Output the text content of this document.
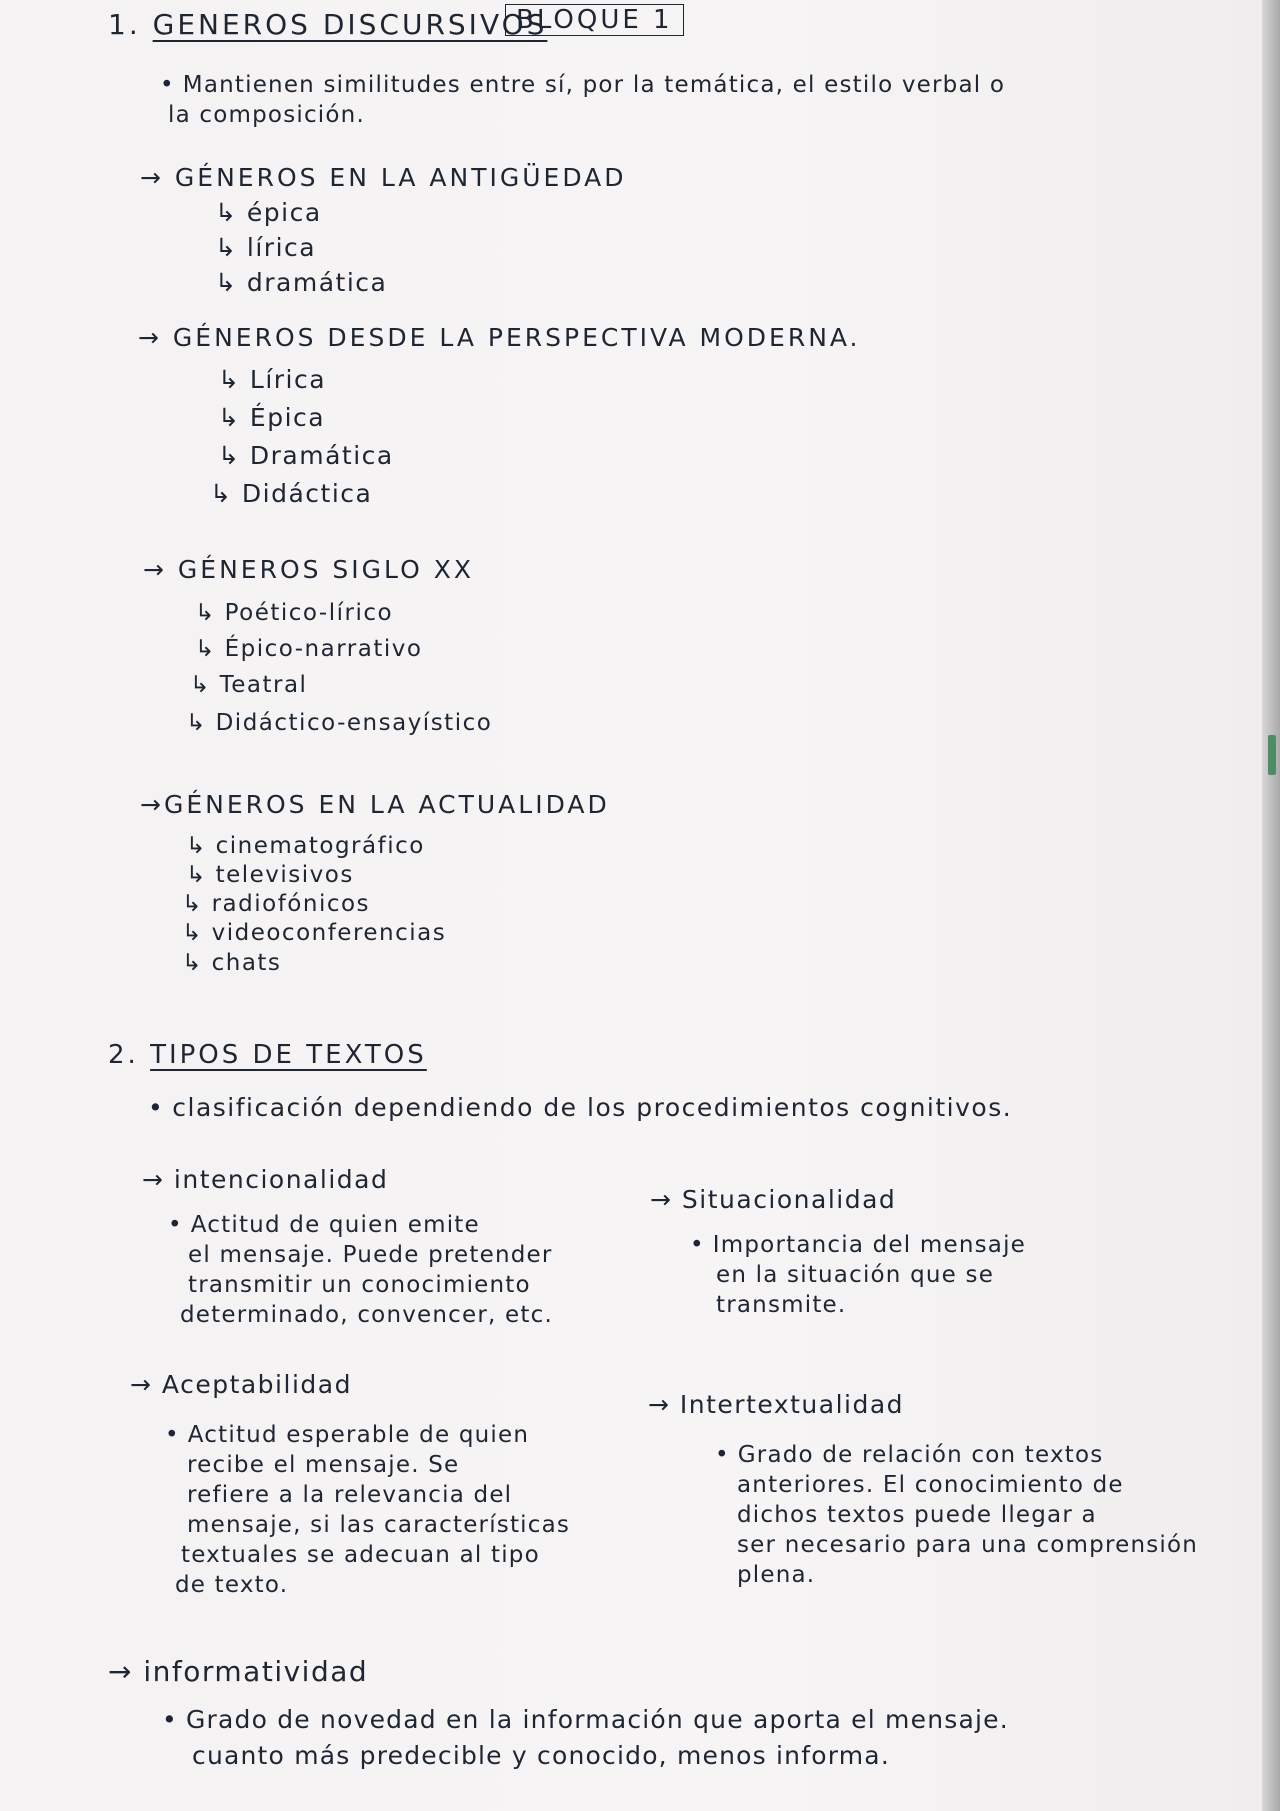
1. GENEROS DISCURSIVOS
BLOQUE 1
• Mantienen similitudes entre sí, por la temática, el estilo verbal o
la composición.
→ GÉNEROS EN LA ANTIGÜEDAD
↳ épica
↳ lírica
↳ dramática
→ GÉNEROS DESDE LA PERSPECTIVA MODERNA.
↳ Lírica
↳ Épica
↳ Dramática
↳ Didáctica
→ GÉNEROS SIGLO XX
↳ Poético-lírico
↳ Épico-narrativo
↳ Teatral
↳ Didáctico-ensayístico
→GÉNEROS EN LA ACTUALIDAD
↳ cinematográfico
↳ televisivos
↳ radiofónicos
↳ videoconferencias
↳ chats
2. TIPOS DE TEXTOS
• clasificación dependiendo de los procedimientos cognitivos.
→ intencionalidad
• Actitud de quien emite
el mensaje. Puede pretender
transmitir un conocimiento
determinado, convencer, etc.
→ Situacionalidad
• Importancia del mensaje
en la situación que se
transmite.
→ Aceptabilidad
• Actitud esperable de quien
recibe el mensaje. Se
refiere a la relevancia del
mensaje, si las características
textuales se adecuan al tipo
de texto.
→ Intertextualidad
• Grado de relación con textos
anteriores. El conocimiento de
dichos textos puede llegar a
ser necesario para una comprensión
plena.
→ informatividad
• Grado de novedad en la información que aporta el mensaje.
cuanto más predecible y conocido, menos informa.
